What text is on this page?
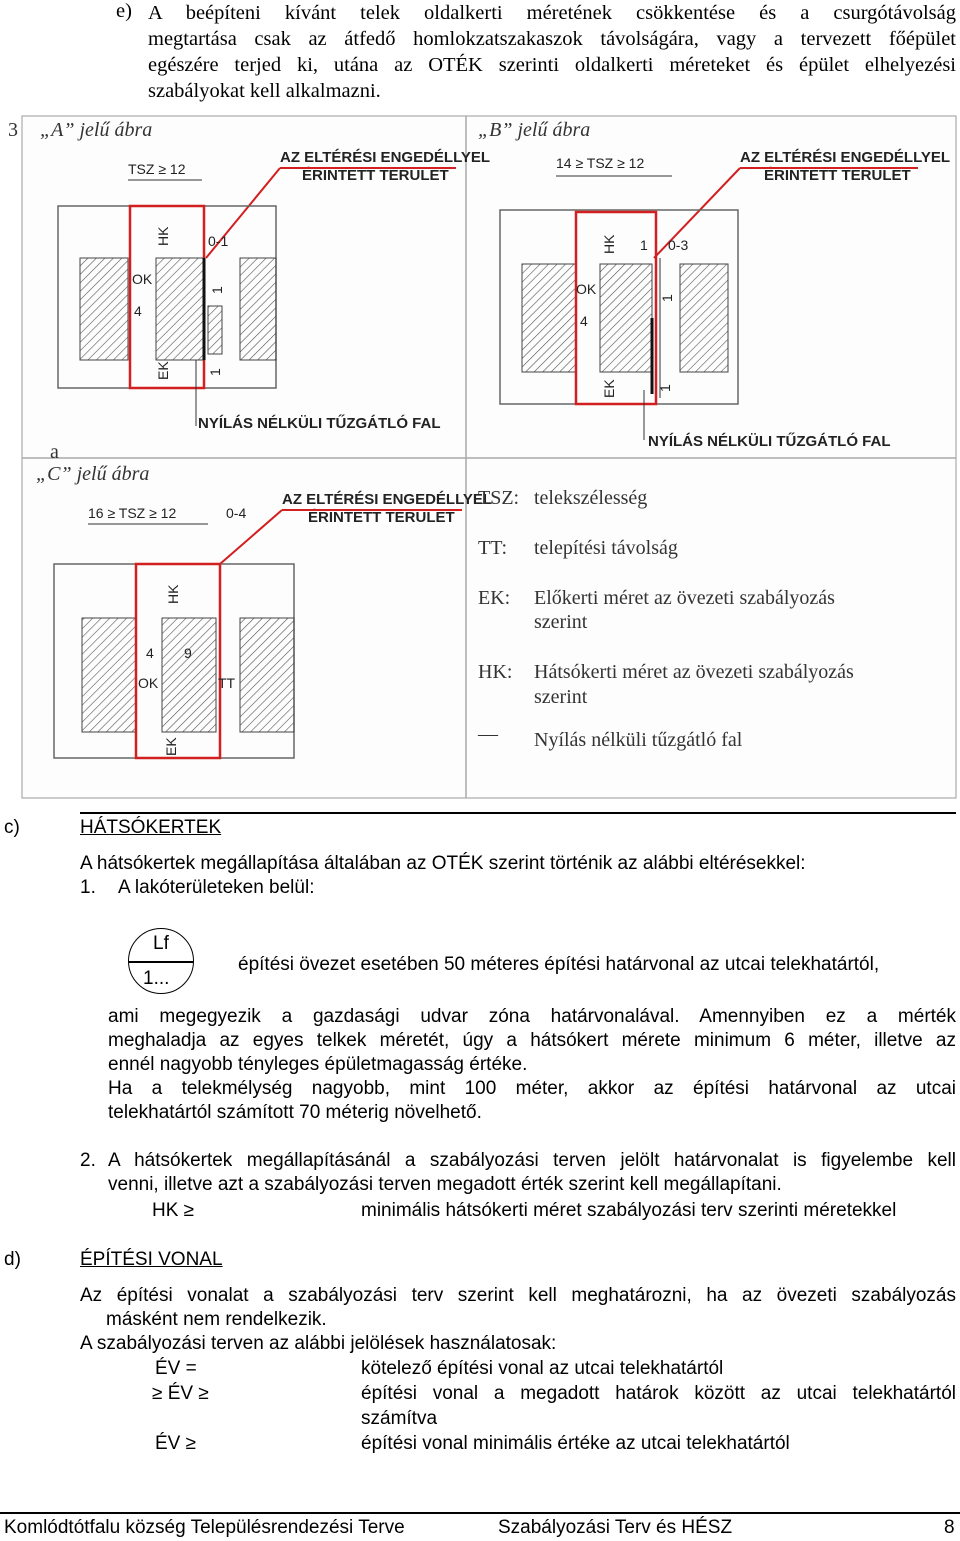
e) A beépíteni kívánt telek oldalkerti méretének csökkentése és a csurgótávolság
megtartása csak az átfedő homlokzatszakaszok távolságára, vagy a tervezett főépület
egészére terjed ki, utána az OTÉK szerinti oldalkerti méreteket és épület elhelyezési
szabályokat kell alkalmazni.
3 „A” jelű ábra
TSZ ≥ 12
AZ ELTÉRÉSI ENGEDÉLLYEL
ÉRINTETT TERÜLET
HK	0-1
OK
4
1
EK	1
NYÍLÁS NÉLKÜLI TŰZGÁTLÓ FAL
„B” jelű ábra
14 ≥ TSZ ≥ 12	AZ ELTÉRÉSI ENGEDÉLLYEL
ÉRINTETT TERÜLET
HK 1 0-3
OK
4
1
EK	1
NYÍLÁS NÉLKÜLI TŰZGÁTLÓ FAL
a
„C” jelű ábra
16 ≥ TSZ ≥ 12	0-4
AZ ELTÉRÉSI ENGEDÉLLYEL
ÉRINTETT TERÜLET
HK
4 9
OK	TT
EK
TSZ: telekszélesség
TT: telepítési távolság
EK: Előkerti méret az övezeti szabályozás
szerint
HK: Hátsókerti méret az övezeti szabályozás
szerint
— Nyílás nélküli tűzgátló fal
c)	HÁTSÓKERTEK
A hátsókertek megállapítása általában az OTÉK szerint történik az alábbi eltérésekkel:
1. A lakóterületeken belül:
Lf
1...
építési övezet esetében 50 méteres építési határvonal az utcai telekhatártól,
ami megegyezik a gazdasági udvar zóna határvonalával. Amennyiben ez a mérték
meghaladja az egyes telkek méretét, úgy a hátsókert mérete minimum 6 méter, illetve az
ennél nagyobb tényleges épületmagasság értéke.
Ha a telekmélység nagyobb, mint 100 méter, akkor az építési határvonal az utcai
telekhatártól számított 70 méterig növelhető.
2. A hátsókertek megállapításánál a szabályozási terven jelölt határvonalat is figyelembe kell
venni, illetve azt a szabályozási terven megadott érték szerint kell megállapítani.
HK ≥	minimális hátsókerti méret szabályozási terv szerinti méretekkel
d)	ÉPÍTÉSI VONAL
Az építési vonalat a szabályozási terv szerint kell meghatározni, ha az övezeti szabályozás
másként nem rendelkezik.
A szabályozási terven az alábbi jelölések használatosak:
ÉV =	kötelező építési vonal az utcai telekhatártól
≥ ÉV ≥	építési vonal a megadott határok között az utcai telekhatártól
számítva
ÉV ≥	építési vonal minimális értéke az utcai telekhatártól
Komlódtótfalu község Településrendezési Terve	Szabályozási Terv és HÉSZ	8
